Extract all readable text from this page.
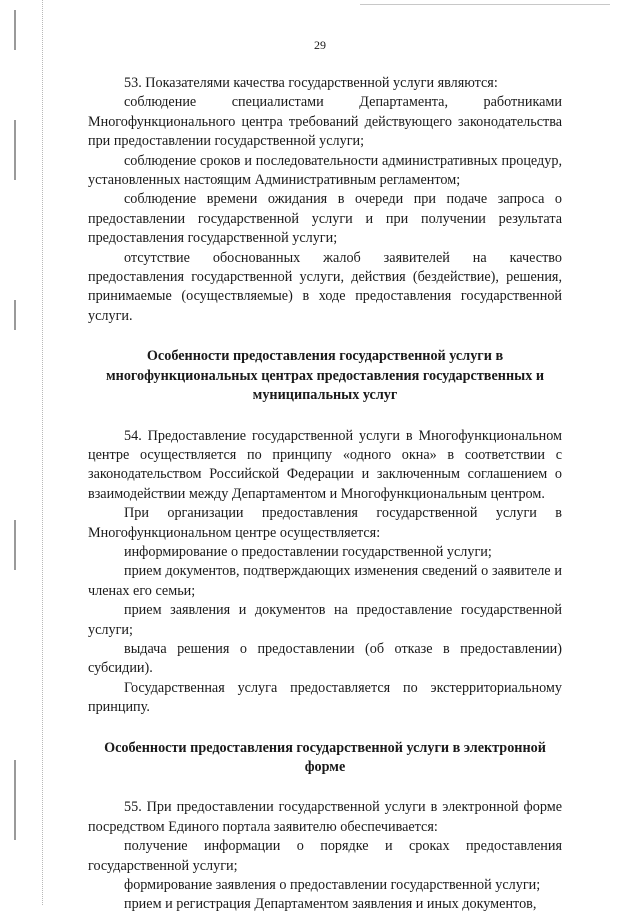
29

53. Показателями качества государственной услуги являются:

соблюдение специалистами Департамента, работниками Многофункционального центра требований действующего законодательства при предоставлении государственной услуги;

соблюдение сроков и последовательности административных процедур, установленных настоящим Административным регламентом;

соблюдение времени ожидания в очереди при подаче запроса о предоставлении государственной услуги и при получении результата предоставления государственной услуги;

отсутствие обоснованных жалоб заявителей на качество предоставления государственной услуги, действия (бездействие), решения, принимаемые (осуществляемые) в ходе предоставления государственной услуги.

Особенности предоставления государственной услуги в многофункциональных центрах предоставления государственных и муниципальных услуг

54. Предоставление государственной услуги в Многофункциональном центре осуществляется по принципу «одного окна» в соответствии с законодательством Российской Федерации и заключенным соглашением о взаимодействии между Департаментом и Многофункциональным центром.

При организации предоставления государственной услуги в Многофункциональном центре осуществляется:

информирование о предоставлении государственной услуги;

прием документов, подтверждающих изменения сведений о заявителе и членах его семьи;

прием заявления и документов на предоставление государственной услуги;

выдача решения о предоставлении (об отказе в предоставлении) субсидии).

Государственная услуга предоставляется по экстерриториальному принципу.

Особенности предоставления государственной услуги в электронной форме

55. При предоставлении государственной услуги в электронной форме посредством Единого портала заявителю обеспечивается:

получение информации о порядке и сроках предоставления государственной услуги;

формирование заявления о предоставлении государственной услуги;

прием и регистрация Департаментом заявления и иных документов,
